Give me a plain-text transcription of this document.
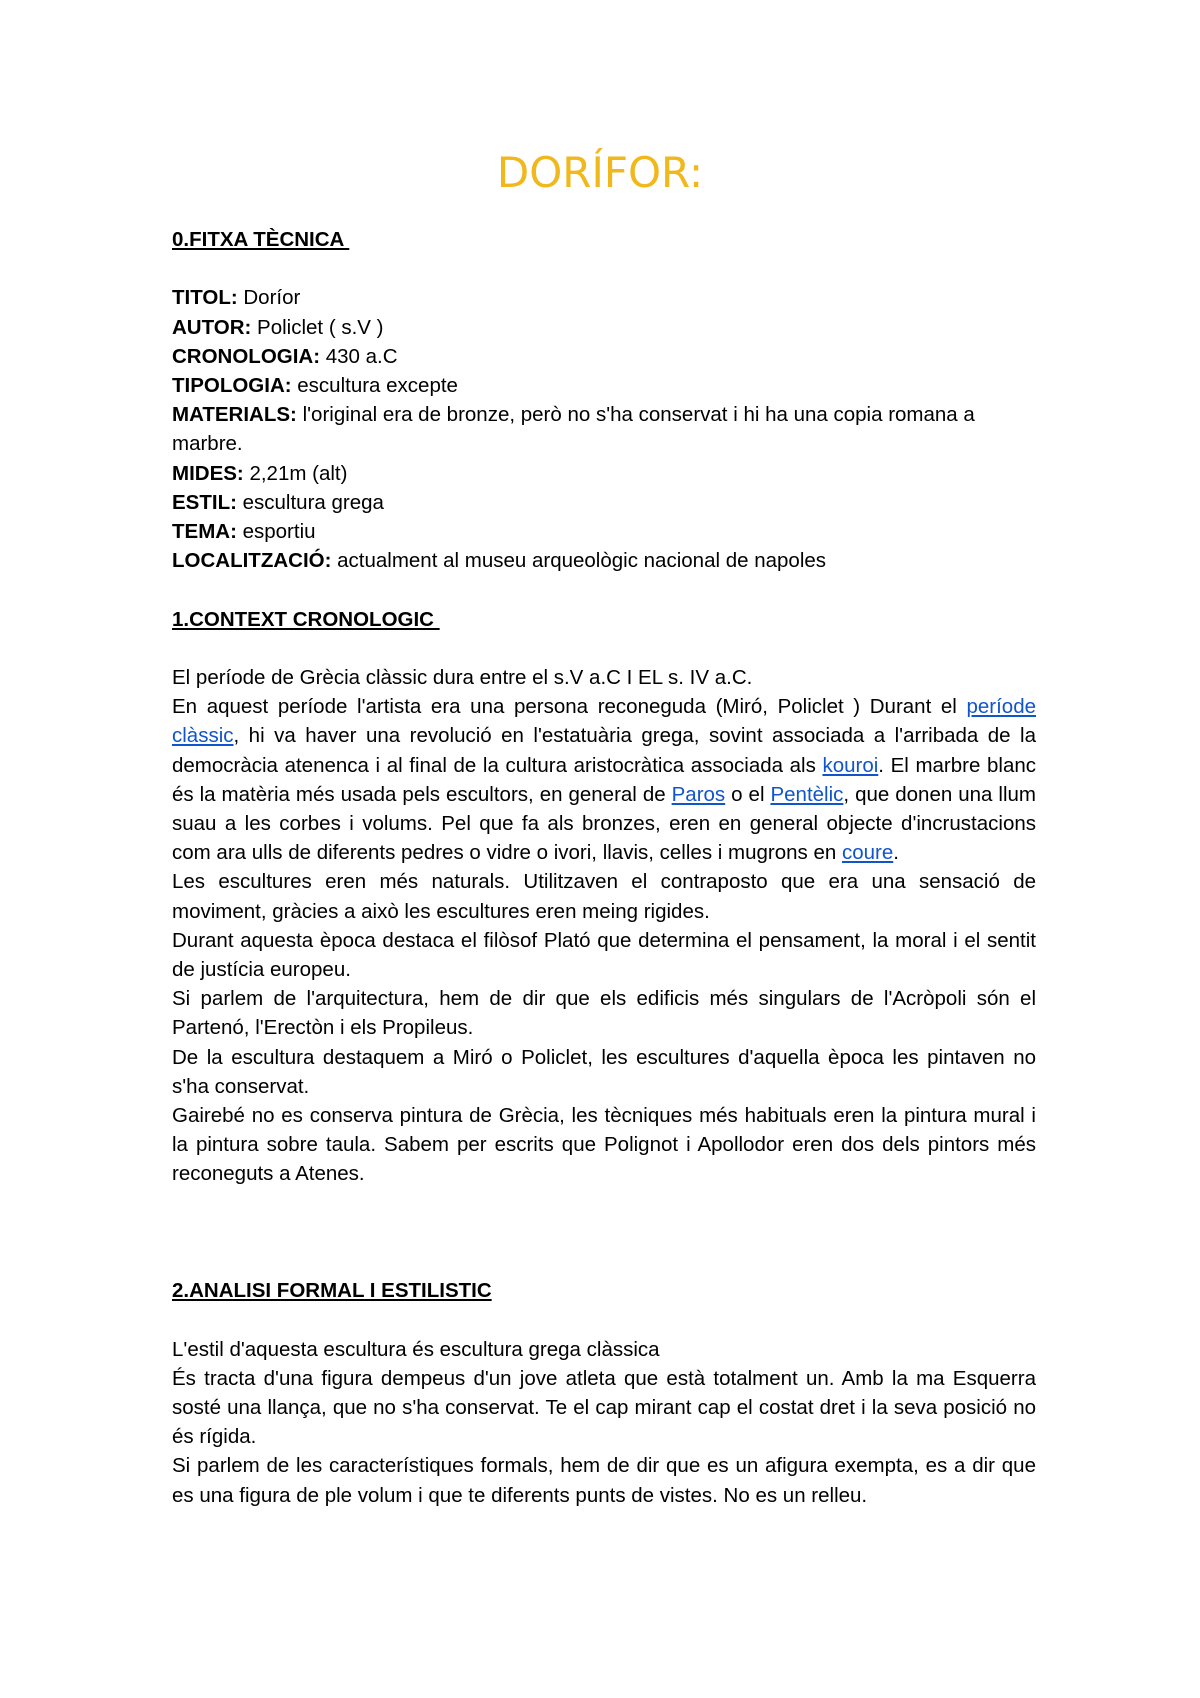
DORÍFOR:

0.FITXA TÈCNICA

TITOL: Doríor

AUTOR: Policlet ( s.V )

CRONOLOGIA: 430 a.C

TIPOLOGIA: escultura excepte

MATERIALS: l'original era de bronze, però no s'ha conservat i hi ha una copia romana a marbre.

MIDES: 2,21m (alt)

ESTIL: escultura grega

TEMA: esportiu

LOCALITZACIÓ: actualment al museu arqueològic nacional de napoles

1.CONTEXT CRONOLOGIC

El període de Grècia clàssic dura entre el s.V a.C I EL s. IV a.C.

En aquest període l'artista era una persona reconeguda (Miró, Policlet ) Durant el període clàssic, hi va haver una revolució en l'estatuària grega, sovint associada a l'arribada de la democràcia atenenca i al final de la cultura aristocràtica associada als kouroi. El marbre blanc és la matèria més usada pels escultors, en general de Paros o el Pentèlic, que donen una llum suau a les corbes i volums. Pel que fa als bronzes, eren en general objecte d'incrustacions com ara ulls de diferents pedres o vidre o ivori, llavis, celles i mugrons en coure.

Les escultures eren més naturals. Utilitzaven el contraposto que era una sensació de moviment, gràcies a això les escultures eren meing rigides.

Durant aquesta època destaca el filòsof Plató que determina el pensament, la moral i el sentit de justícia europeu.

Si parlem de l'arquitectura, hem de dir que els edificis més singulars de l'Acròpoli són el Partenó, l'Erectòn i els Propileus.

De la escultura destaquem a Miró o Policlet, les escultures d'aquella època les pintaven no s'ha conservat.

Gairebé no es conserva pintura de Grècia, les tècniques més habituals eren la pintura mural i la pintura sobre taula. Sabem per escrits que Polignot i Apollodor eren dos dels pintors més reconeguts a Atenes.

2.ANALISI FORMAL I ESTILISTIC

L'estil d'aquesta escultura és escultura grega clàssica

És tracta d'una figura dempeus d'un jove atleta que està totalment un. Amb la ma Esquerra sosté una llança, que no s'ha conservat. Te el cap mirant cap el costat dret i la seva posició no és rígida.

Si parlem de les característiques formals, hem de dir que es un afigura exempta, es a dir que es una figura de ple volum i que te diferents punts de vistes. No es un relleu.
